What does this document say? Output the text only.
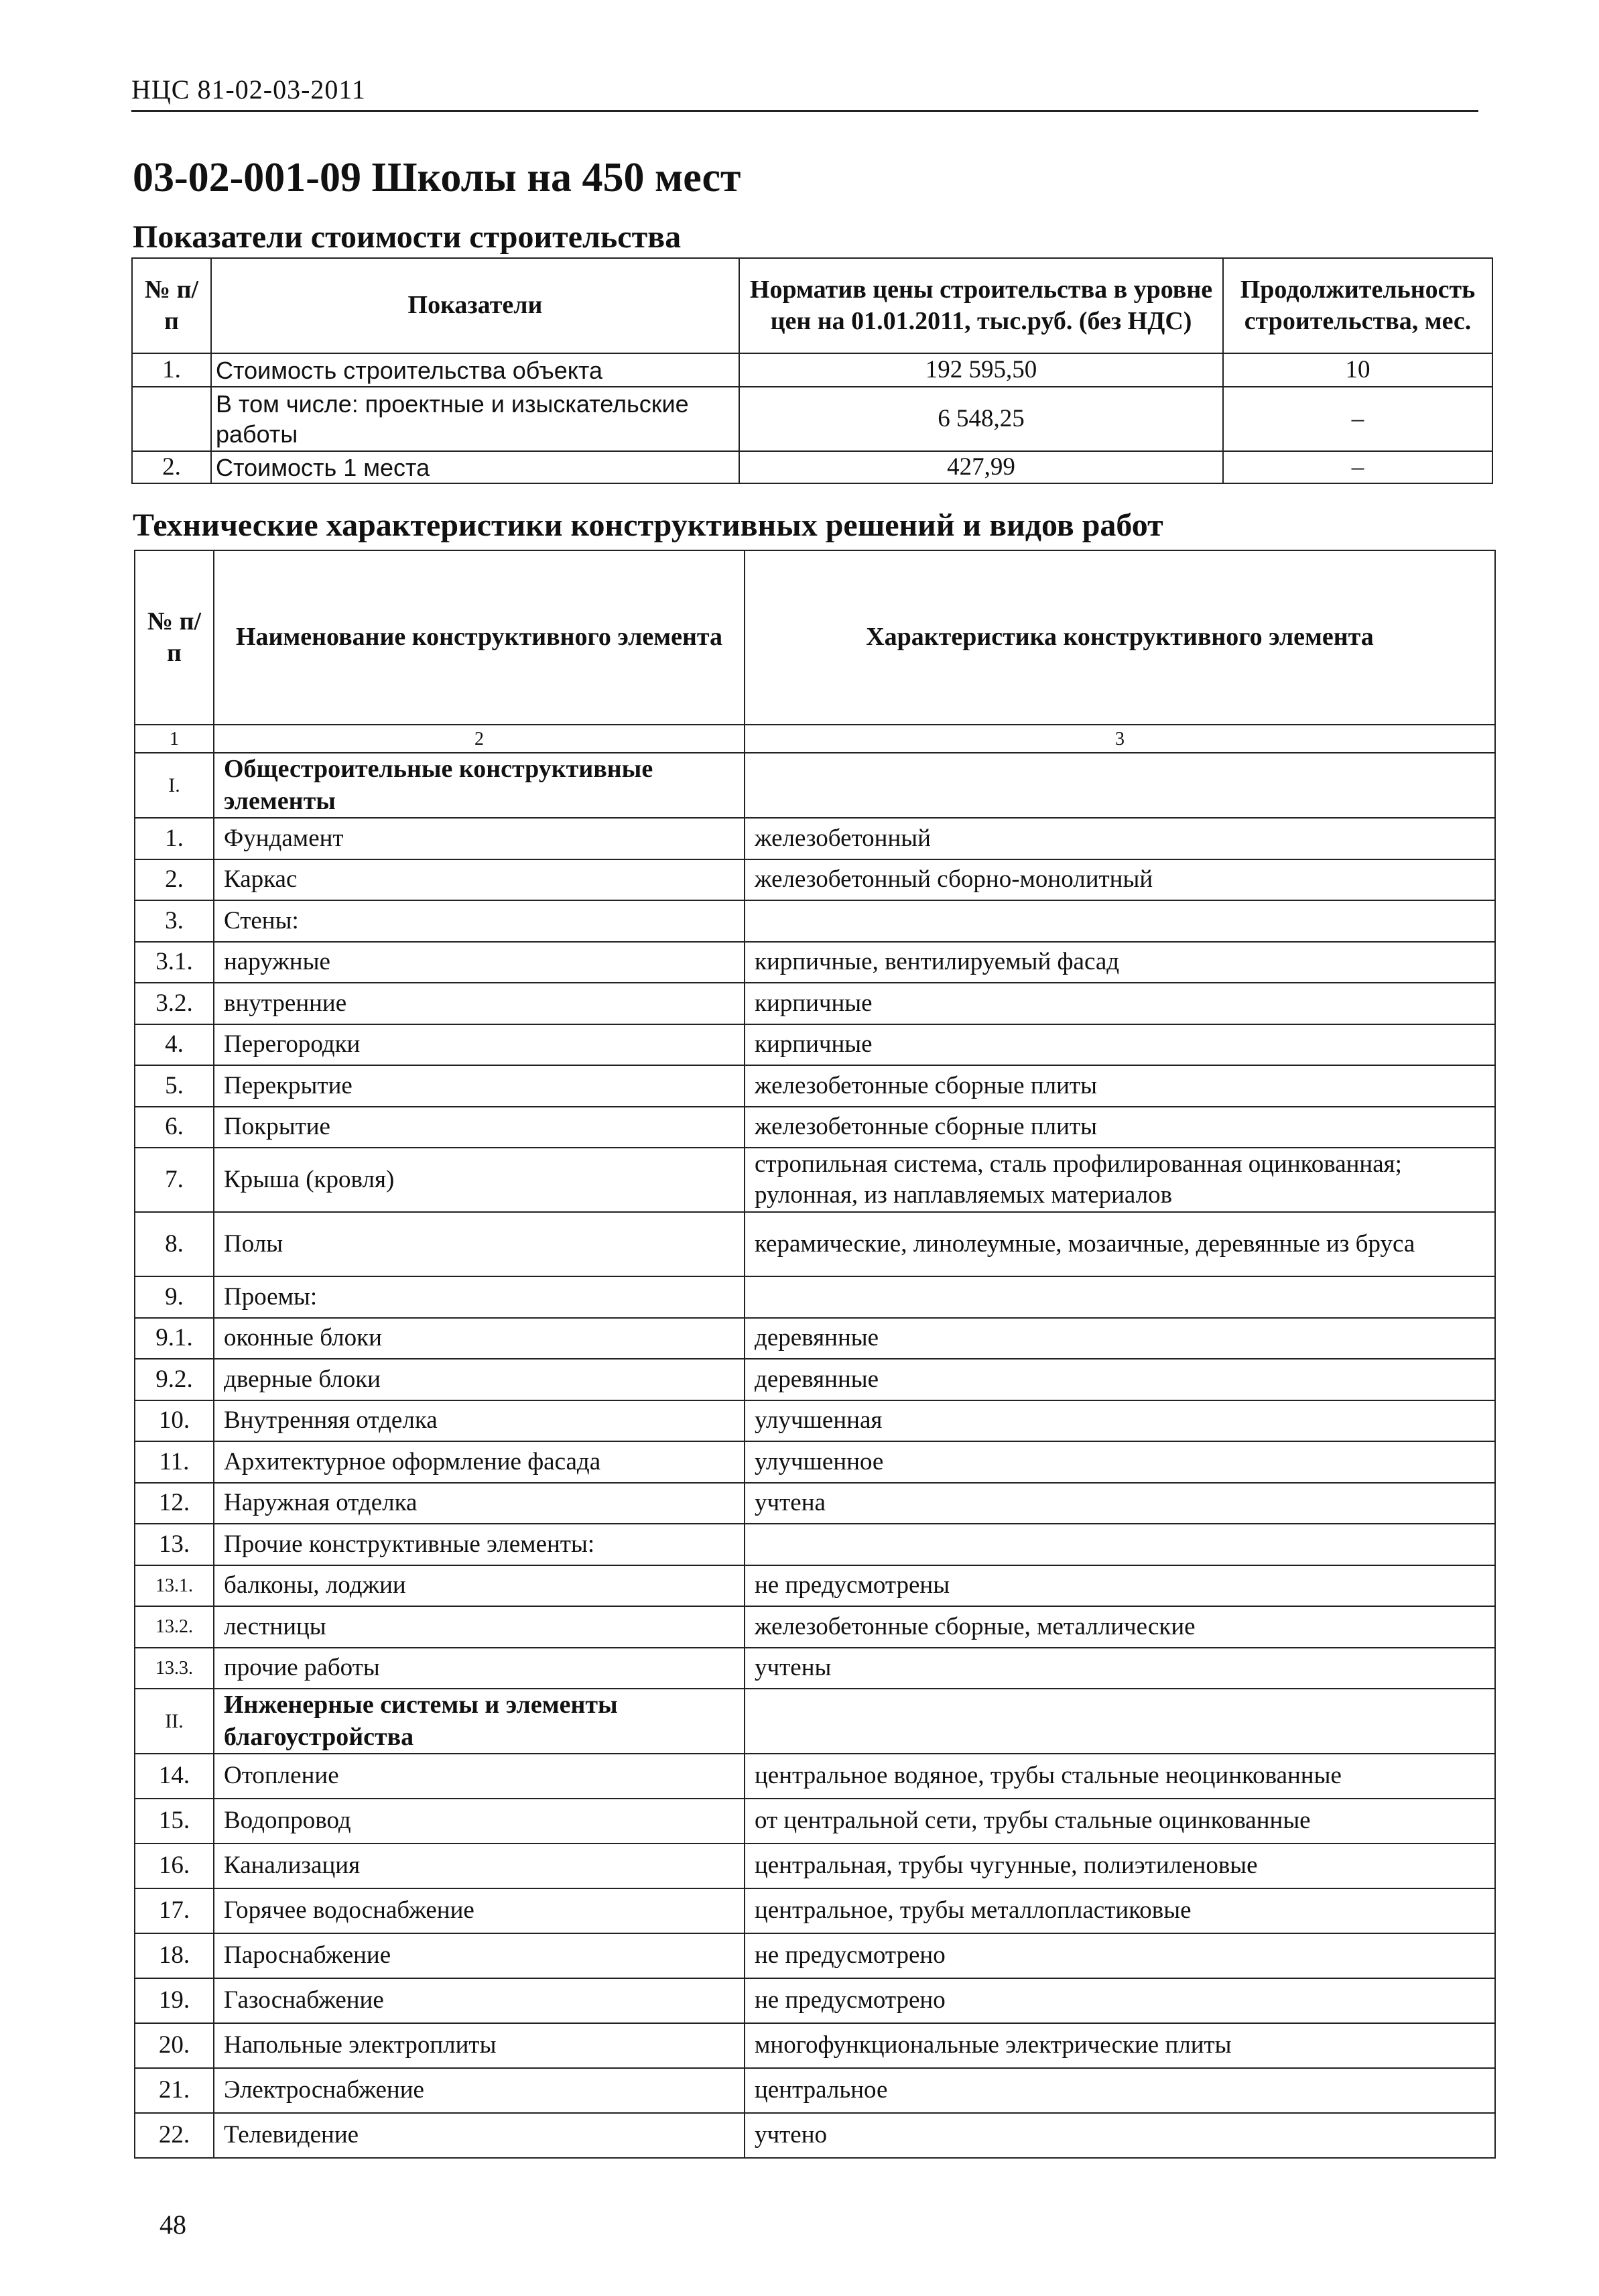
НЦС 81-02-03-2011
03-02-001-09 Школы на 450 мест
Показатели стоимости строительства
№ п/п	Показатели	Норматив цены строительства в уровне цен на 01.01.2011, тыс.руб. (без НДС)	Продолжительность строительства, мес.
1.	Стоимость строительства объекта	192 595,50	10
	В том числе: проектные и изыскательские работы	6 548,25	–
2.	Стоимость 1 места	427,99	–
Технические характеристики конструктивных решений и видов работ
№ п/п	Наименование конструктивного элемента	Характеристика конструктивного элемента
1	2	3
I.	Общестроительные конструктивные элементы	
1.	Фундамент	железобетонный
2.	Каркас	железобетонный сборно-монолитный
3.	Стены:	
3.1.	наружные	кирпичные, вентилируемый фасад
3.2.	внутренние	кирпичные
4.	Перегородки	кирпичные
5.	Перекрытие	железобетонные сборные плиты
6.	Покрытие	железобетонные сборные плиты
7.	Крыша (кровля)	стропильная система, сталь профилированная оцинкованная; рулонная, из наплавляемых материалов
8.	Полы	керамические, линолеумные, мозаичные, деревянные из бруса
9.	Проемы:	
9.1.	оконные блоки	деревянные
9.2.	дверные блоки	деревянные
10.	Внутренняя отделка	улучшенная
11.	Архитектурное оформление фасада	улучшенное
12.	Наружная отделка	учтена
13.	Прочие конструктивные элементы:	
13.1.	балконы, лоджии	не предусмотрены
13.2.	лестницы	железобетонные сборные, металлические
13.3.	прочие работы	учтены
II.	Инженерные системы и элементы благоустройства	
14.	Отопление	центральное водяное, трубы стальные неоцинкованные
15.	Водопровод	от центральной сети, трубы стальные оцинкованные
16.	Канализация	центральная, трубы чугунные, полиэтиленовые
17.	Горячее водоснабжение	центральное, трубы металлопластиковые
18.	Пароснабжение	не предусмотрено
19.	Газоснабжение	не предусмотрено
20.	Напольные электроплиты	многофункциональные электрические плиты
21.	Электроснабжение	центральное
22.	Телевидение	учтено
48
